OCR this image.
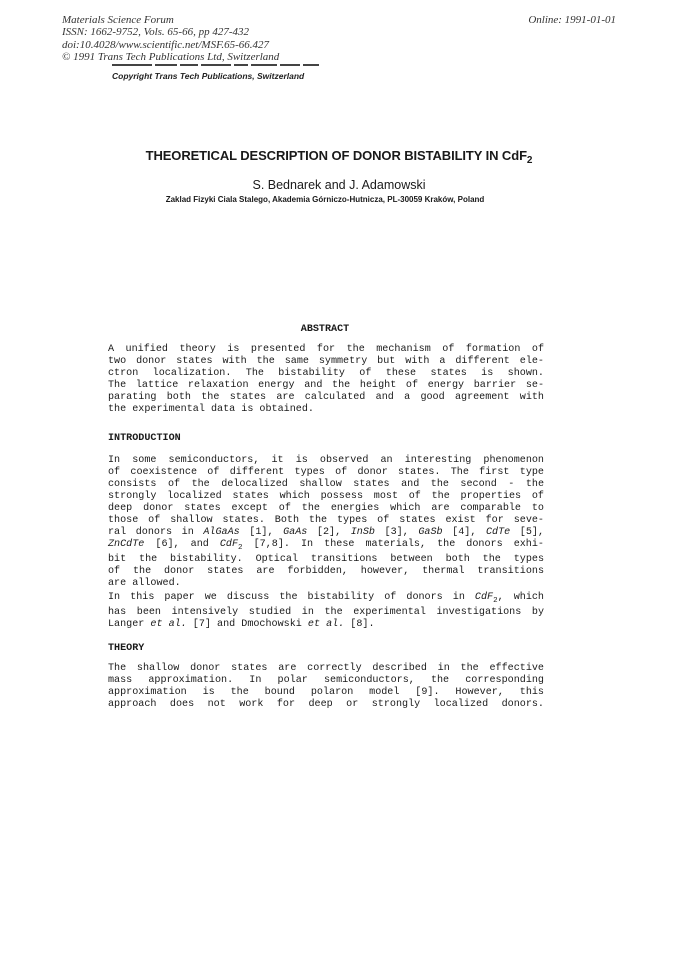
Materials Science Forum
ISSN: 1662-9752, Vols. 65-66, pp 427-432
doi:10.4028/www.scientific.net/MSF.65-66.427
© 1991 Trans Tech Publications Ltd, Switzerland
Online: 1991-01-01
Copyright Trans Tech Publications, Switzerland
THEORETICAL DESCRIPTION OF DONOR BISTABILITY IN CdF$_2$
S. Bednarek and J. Adamowski
Zaklad Fizyki Ciala Stalego, Akademia Górniczo-Hutnicza, PL-30059 Kraków, Poland
ABSTRACT
A unified theory is presented for the mechanism of formation of
two donor states with the same symmetry but with a different ele-
ctron localization. The bistability of these states is shown.
The lattice relaxation energy and the height of energy barrier se-
parating both the states are calculated and a good agreement with
the experimental data is obtained.
INTRODUCTION
In some semiconductors, it is observed an interesting phenomenon
of coexistence of different types of donor states. The first type
consists of the delocalized shallow states and the second - the
strongly localized states which possess most of the properties of
deep donor states except of the energies which are comparable to
those of shallow states. Both the types of states exist for seve-
ral donors in AlGaAs [1], GaAs [2], InSb [3], GaSb [4], CdTe [5],
ZnCdTe [6], and CdF$_2$ [7,8]. In these materials, the donors exhi-
bit the bistability. Optical transitions between both the types
of the donor states are forbidden, however, thermal transitions
are allowed.
In this paper we discuss the bistability of donors in CdF$_2$, which
has been intensively studied in the experimental investigations by
Langer et al. [7] and Dmochowski et al. [8].
THEORY
The shallow donor states are correctly described in the effective
mass approximation. In polar semiconductors, the corresponding
approximation is the bound polaron model [9]. However, this
approach does not work for deep or strongly localized donors.
